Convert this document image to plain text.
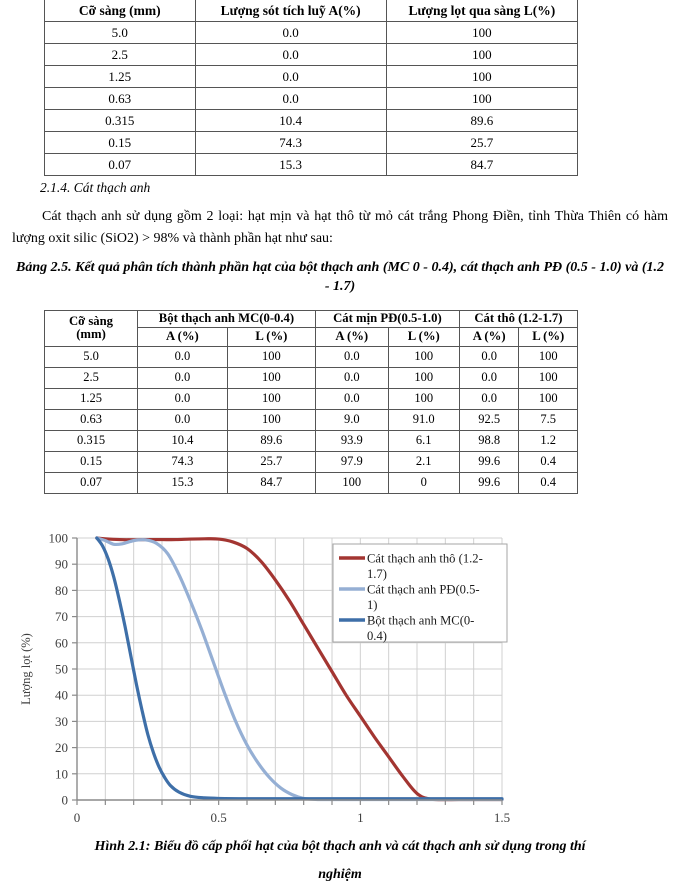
Cỡ sàng (mm)	Lượng sót tích luỹ A(%)	Lượng lọt qua sàng L(%)
5.0	0.0	100
2.5	0.0	100
1.25	0.0	100
0.63	0.0	100
0.315	10.4	89.6
0.15	74.3	25.7
0.07	15.3	84.7
2.1.4. Cát thạch anh
Cát thạch anh sử dụng gồm 2 loại: hạt mịn và hạt thô từ mỏ cát trắng Phong Điền, tỉnh Thừa Thiên có hàm lượng oxit silic (SiO2) > 98% và thành phần hạt như sau:
Bảng 2.5. Kết quả phân tích thành phần hạt của bột thạch anh (MC 0 - 0.4), cát thạch anh PĐ (0.5 - 1.0) và (1.2 - 1.7)
Cỡ sàng
(mm)	Bột thạch anh MC(0-0.4)		Cát mịn PĐ(0.5-1.0)		Cát thô (1.2-1.7)	
	A (%)	L (%)	A (%)	L (%)	A (%)	L (%)
5.0	0.0	100	0.0	100	0.0	100
2.5	0.0	100	0.0	100	0.0	100
1.25	0.0	100	0.0	100	0.0	100
0.63	0.0	100	9.0	91.0	92.5	7.5
0.315	10.4	89.6	93.9	6.1	98.8	1.2
0.15	74.3	25.7	97.9	2.1	99.6	0.4
0.07	15.3	84.7	100	0	99.6	0.4
0
10
20
30
40
50
60
70
80
90
100
0	0.5	1	1.5
Lượng lọt (%)
Cát thạch anh thô (1.2-
1.7)
Cát thạch anh PĐ(0.5-
1)
Bột thạch anh MC(0-
0.4)
Hình 2.1: Biểu đồ cấp phối hạt của bột thạch anh và cát thạch anh sử dụng trong thí
nghiệm
